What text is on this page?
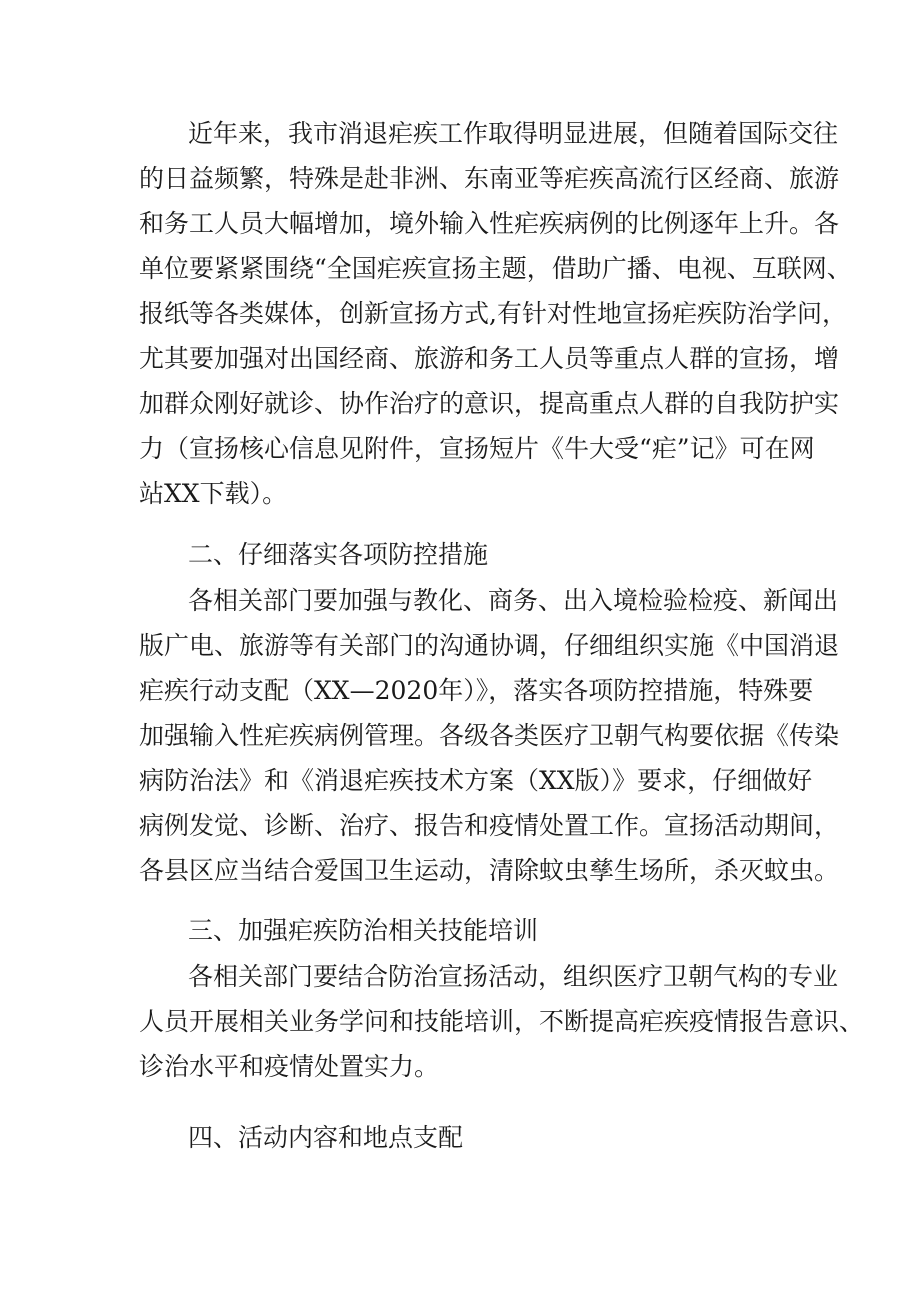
近年来，我市消退疟疾工作取得明显进展，但随着国际交往
的日益频繁，特殊是赴非洲、东南亚等疟疾高流行区经商、旅游
和务工人员大幅增加，境外输入性疟疾病例的比例逐年上升。各
单位要紧紧围绕“全国疟疾宣扬主题，借助广播、电视、互联网、
报纸等各类媒体，创新宣扬方式,有针对性地宣扬疟疾防治学问，
尤其要加强对出国经商、旅游和务工人员等重点人群的宣扬，增
加群众刚好就诊、协作治疗的意识，提高重点人群的自我防护实
力（宣扬核心信息见附件，宣扬短片《牛大受“疟”记》可在网
站XX下载）。
二、仔细落实各项防控措施
各相关部门要加强与教化、商务、出入境检验检疫、新闻出
版广电、旅游等有关部门的沟通协调，仔细组织实施《中国消退
疟疾行动支配（XX—2020年）》，落实各项防控措施，特殊要
加强输入性疟疾病例管理。各级各类医疗卫朝气构要依据《传染
病防治法》和《消退疟疾技术方案（XX版）》要求，仔细做好
病例发觉、诊断、治疗、报告和疫情处置工作。宣扬活动期间，
各县区应当结合爱国卫生运动，清除蚊虫孳生场所，杀灭蚊虫。
三、加强疟疾防治相关技能培训
各相关部门要结合防治宣扬活动，组织医疗卫朝气构的专业
人员开展相关业务学问和技能培训，不断提高疟疾疫情报告意识、
诊治水平和疫情处置实力。
四、活动内容和地点支配
